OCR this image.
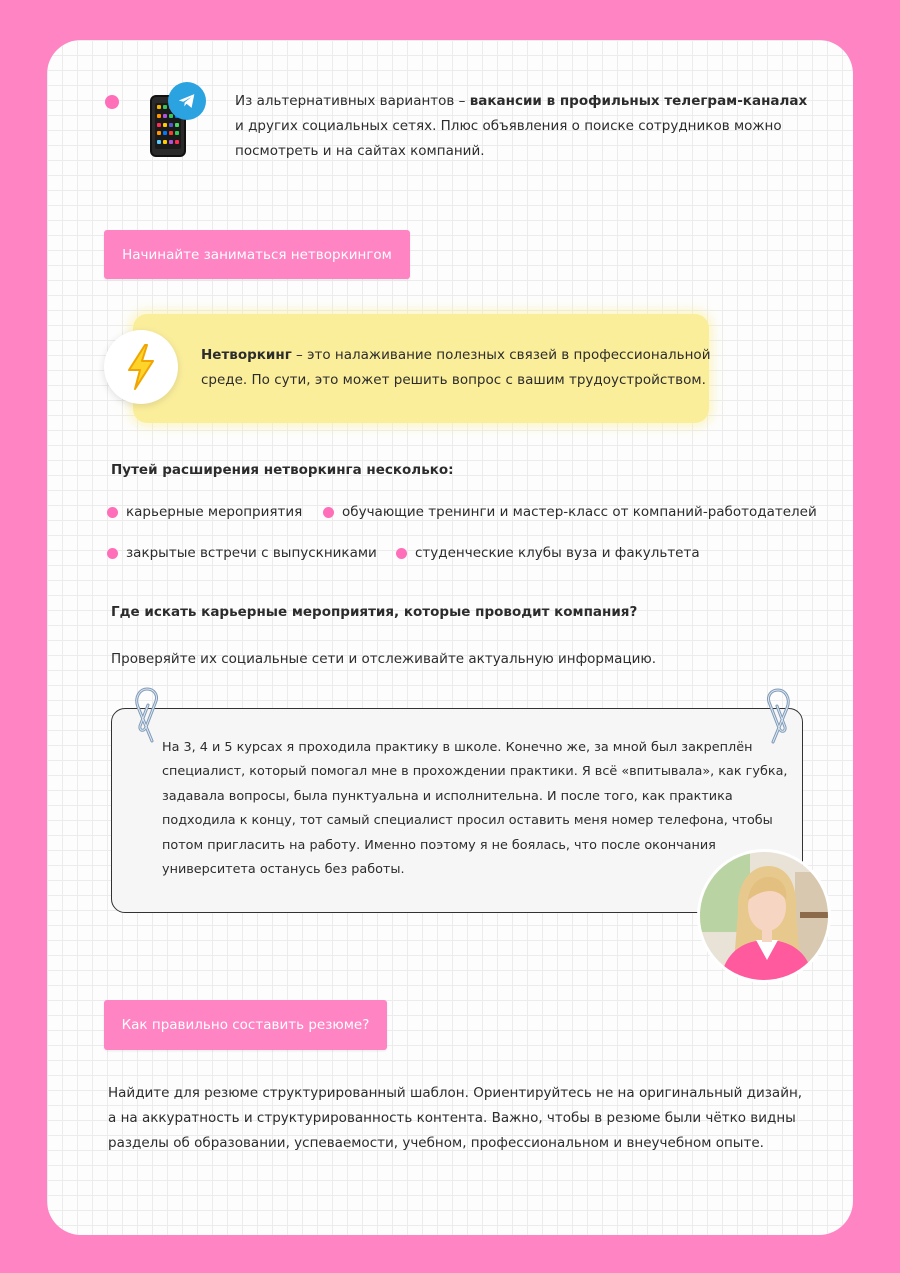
Из альтернативных вариантов – вакансии в профильных телеграм-каналах
и других социальных сетях. Плюс объявления о поиске сотрудников можно
посмотреть и на сайтах компаний.
Начинайте заниматься нетворкингом
Нетворкинг – это налаживание полезных связей в профессиональной
среде. По сути, это может решить вопрос с вашим трудоустройством.
Путей расширения нетворкинга несколько:
карьерные мероприятия	обучающие тренинги и мастер-класс от компаний-работодателей
закрытые встречи с выпускниками	студенческие клубы вуза и факультета
Где искать карьерные мероприятия, которые проводит компания?
Проверяйте их социальные сети и отслеживайте актуальную информацию.
На 3, 4 и 5 курсах я проходила практику в школе. Конечно же, за мной был закреплён
специалист, который помогал мне в прохождении практики. Я всё «впитывала», как губка,
задавала вопросы, была пунктуальна и исполнительна. И после того, как практика
подходила к концу, тот самый специалист просил оставить меня номер телефона, чтобы
потом пригласить на работу. Именно поэтому я не боялась, что после окончания
университета останусь без работы.
Как правильно составить резюме?
Найдите для резюме структурированный шаблон. Ориентируйтесь не на оригинальный дизайн,
а на аккуратность и структурированность контента. Важно, чтобы в резюме были чётко видны
разделы об образовании, успеваемости, учебном, профессиональном и внеучебном опыте.
